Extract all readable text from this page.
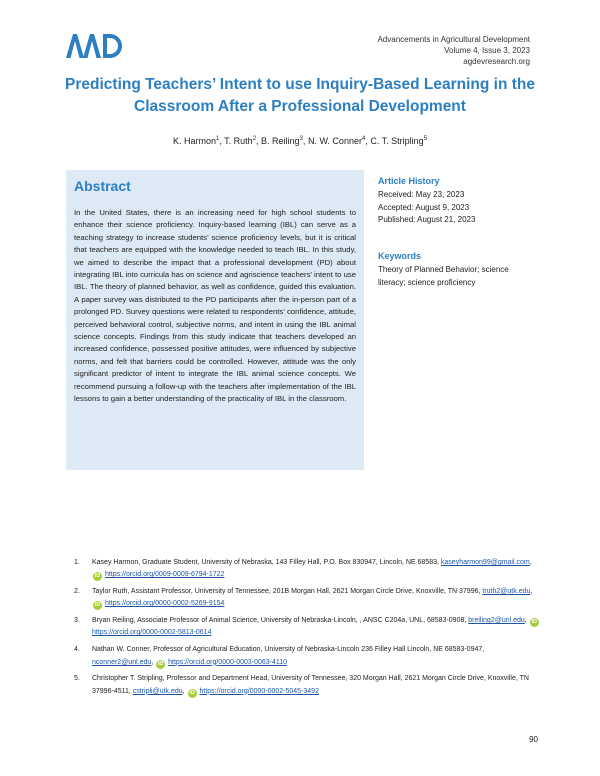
Advancements in Agricultural Development
Volume 4, Issue 3, 2023
agdevresearch.org
Predicting Teachers’ Intent to use Inquiry-Based Learning in the Classroom After a Professional Development
K. Harmon$^1$, T. Ruth$^2$, B. Reiling$^3$, N. W. Conner$^4$, C. T. Stripling$^5$
Abstract
In the United States, there is an increasing need for high school students to enhance their science proficiency. Inquiry-based learning (IBL) can serve as a teaching strategy to increase students’ science proficiency levels, but it is critical that teachers are equipped with the knowledge needed to teach IBL. In this study, we aimed to describe the impact that a professional development (PD) about integrating IBL into curricula has on science and agriscience teachers’ intent to use IBL. The theory of planned behavior, as well as confidence, guided this evaluation. A paper survey was distributed to the PD participants after the in-person part of a prolonged PD. Survey questions were related to respondents’ confidence, attitude, perceived behavioral control, subjective norms, and intent in using the IBL animal science concepts. Findings from this study indicate that teachers developed an increased confidence, possessed positive attitudes, were influenced by subjective norms, and felt that barriers could be controlled. However, attitude was the only significant predictor of intent to integrate the IBL animal science concepts. We recommend pursuing a follow-up with the teachers after implementation of the IBL lessons to gain a better understanding of the practicality of IBL in the classroom.
Article History
Received: May 23, 2023
Accepted: August 9, 2023
Published: August 21, 2023
Keywords
Theory of Planned Behavior; science literacy; science proficiency
1. Kasey Harmon, Graduate Student, University of Nebraska, 143 Filley Hall, P.O. Box 830947, Lincoln, NE 68583, kaseyharmon99@gmail.com, iD https://orcid.org/0009-0009-6794-1722
2. Taylor Ruth, Assistant Professor, University of Tennessee, 201B Morgan Hall, 2621 Morgan Circle Drive, Knoxville, TN 37996, truth2@utk.edu, iD https://orcid.org/0000-0002-5269-9154
3. Bryan Reiling, Associate Professor of Animal Science, University of Nebraska-Lincoln, , ANSC C204a, UNL, 68583-0908, breiling2@unl.edu, iD https://orcid.org/0000-0002-5813-0614
4. Nathan W. Conner, Professor of Agricultural Education, University of Nebraska-Lincoln 236 Filley Hall Lincoln, NE 68583-0947, nconner2@unl.edu, iD https://orcid.org/0000-0003-0063-4110
5. Christopher T. Stripling, Professor and Department Head, University of Tennessee, 320 Morgan Hall, 2621 Morgan Circle Drive, Knoxville, TN 37996-4511, cstripli@utk.edu, iD https://orcid.org/0000-0002-5045-3492
90
